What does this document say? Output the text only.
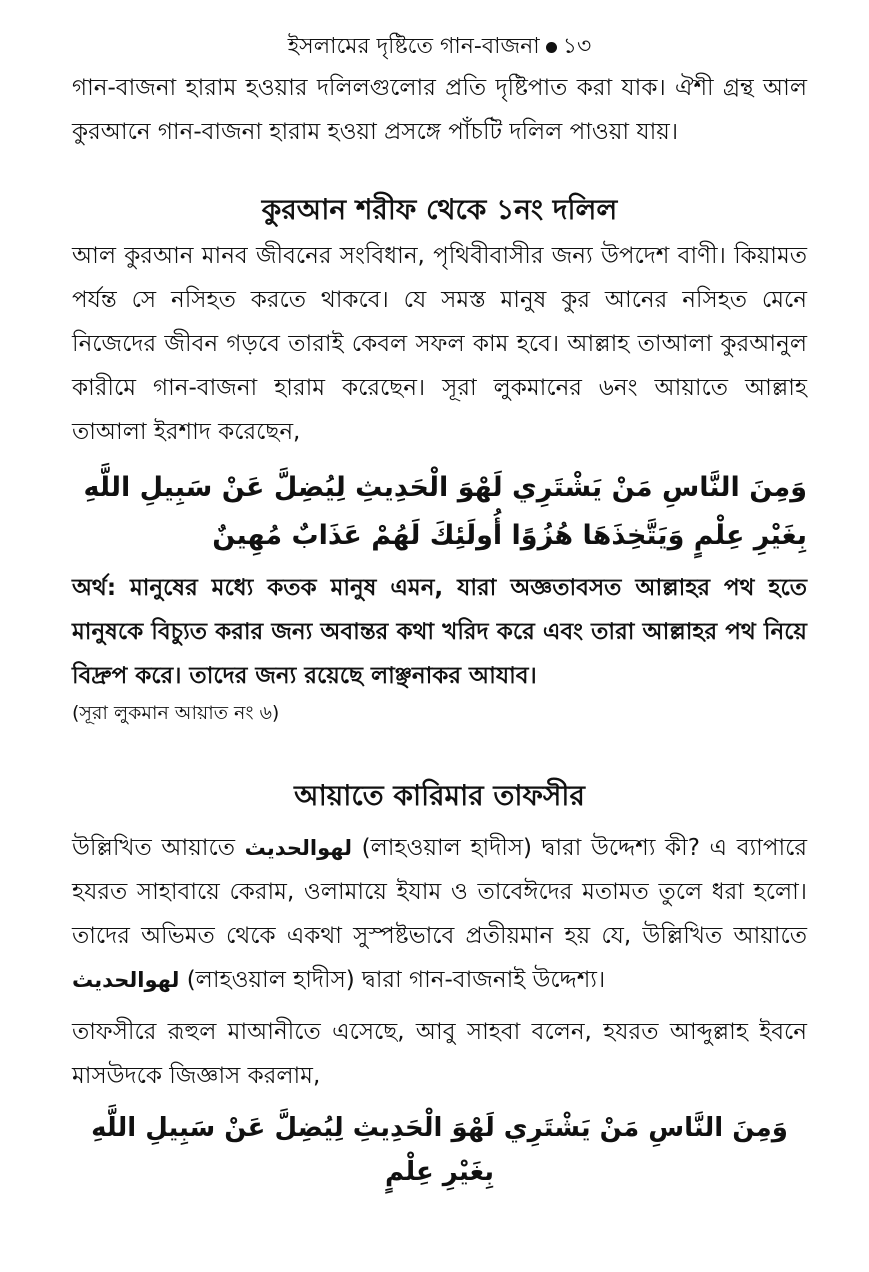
ইসলামের দৃষ্টিতে গান-বাজনা ১৩

গান-বাজনা হারাম হওয়ার দলিলগুলোর প্রতি দৃষ্টিপাত করা যাক। ঐশী গ্রন্থ আল কুরআনে গান-বাজনা হারাম হওয়া প্রসঙ্গে পাঁচটি দলিল পাওয়া যায়।

কুরআন শরীফ থেকে ১নং দলিল

আল কুরআন মানব জীবনের সংবিধান, পৃথিবীবাসীর জন্য উপদেশ বাণী। কিয়ামত পর্যন্ত সে নসিহত করতে থাকবে। যে সমস্ত মানুষ কুর আনের নসিহত মেনে নিজেদের জীবন গড়বে তারাই কেবল সফল কাম হবে। আল্লাহ তাআলা কুরআনুল কারীমে গান-বাজনা হারাম করেছেন। সূরা লুকমানের ৬নং আয়াতে আল্লাহ তাআলা ইরশাদ করেছেন,

وَمِنَ النَّاسِ مَنْ يَشْتَرِي لَهْوَ الْحَدِيثِ لِيُضِلَّ عَنْ سَبِيلِ اللَّهِ بِغَيْرِ عِلْمٍ وَيَتَّخِذَهَا هُزُوًا أُولَئِكَ لَهُمْ عَذَابٌ مُهِينٌ

অর্থ: মানুষের মধ্যে কতক মানুষ এমন, যারা অজ্ঞতাবসত আল্লাহর পথ হতে মানুষকে বিচ্যুত করার জন্য অবান্তর কথা খরিদ করে এবং তারা আল্লাহর পথ নিয়ে বিদ্রুপ করে। তাদের জন্য রয়েছে লাঞ্ছনাকর আযাব।

(সূরা লুকমান আয়াত নং ৬)

আয়াতে কারিমার তাফসীর

উল্লিখিত আয়াতে لهوالحديث (লাহওয়াল হাদীস) দ্বারা উদ্দেশ্য কী? এ ব্যাপারে হযরত সাহাবায়ে কেরাম, ওলামায়ে ইযাম ও তাবেঈদের মতামত তুলে ধরা হলো। তাদের অভিমত থেকে একথা সুস্পষ্টভাবে প্রতীয়মান হয় যে, উল্লিখিত আয়াতে لهوالحديث (লাহওয়াল হাদীস) দ্বারা গান-বাজনাই উদ্দেশ্য।

তাফসীরে রূহুল মাআনীতে এসেছে, আবু সাহবা বলেন, হযরত আব্দুল্লাহ ইবনে মাসউদকে জিজ্ঞাস করলাম,

وَمِنَ النَّاسِ مَنْ يَشْتَرِي لَهْوَ الْحَدِيثِ لِيُضِلَّ عَنْ سَبِيلِ اللَّهِ بِغَيْرِ عِلْمٍ
